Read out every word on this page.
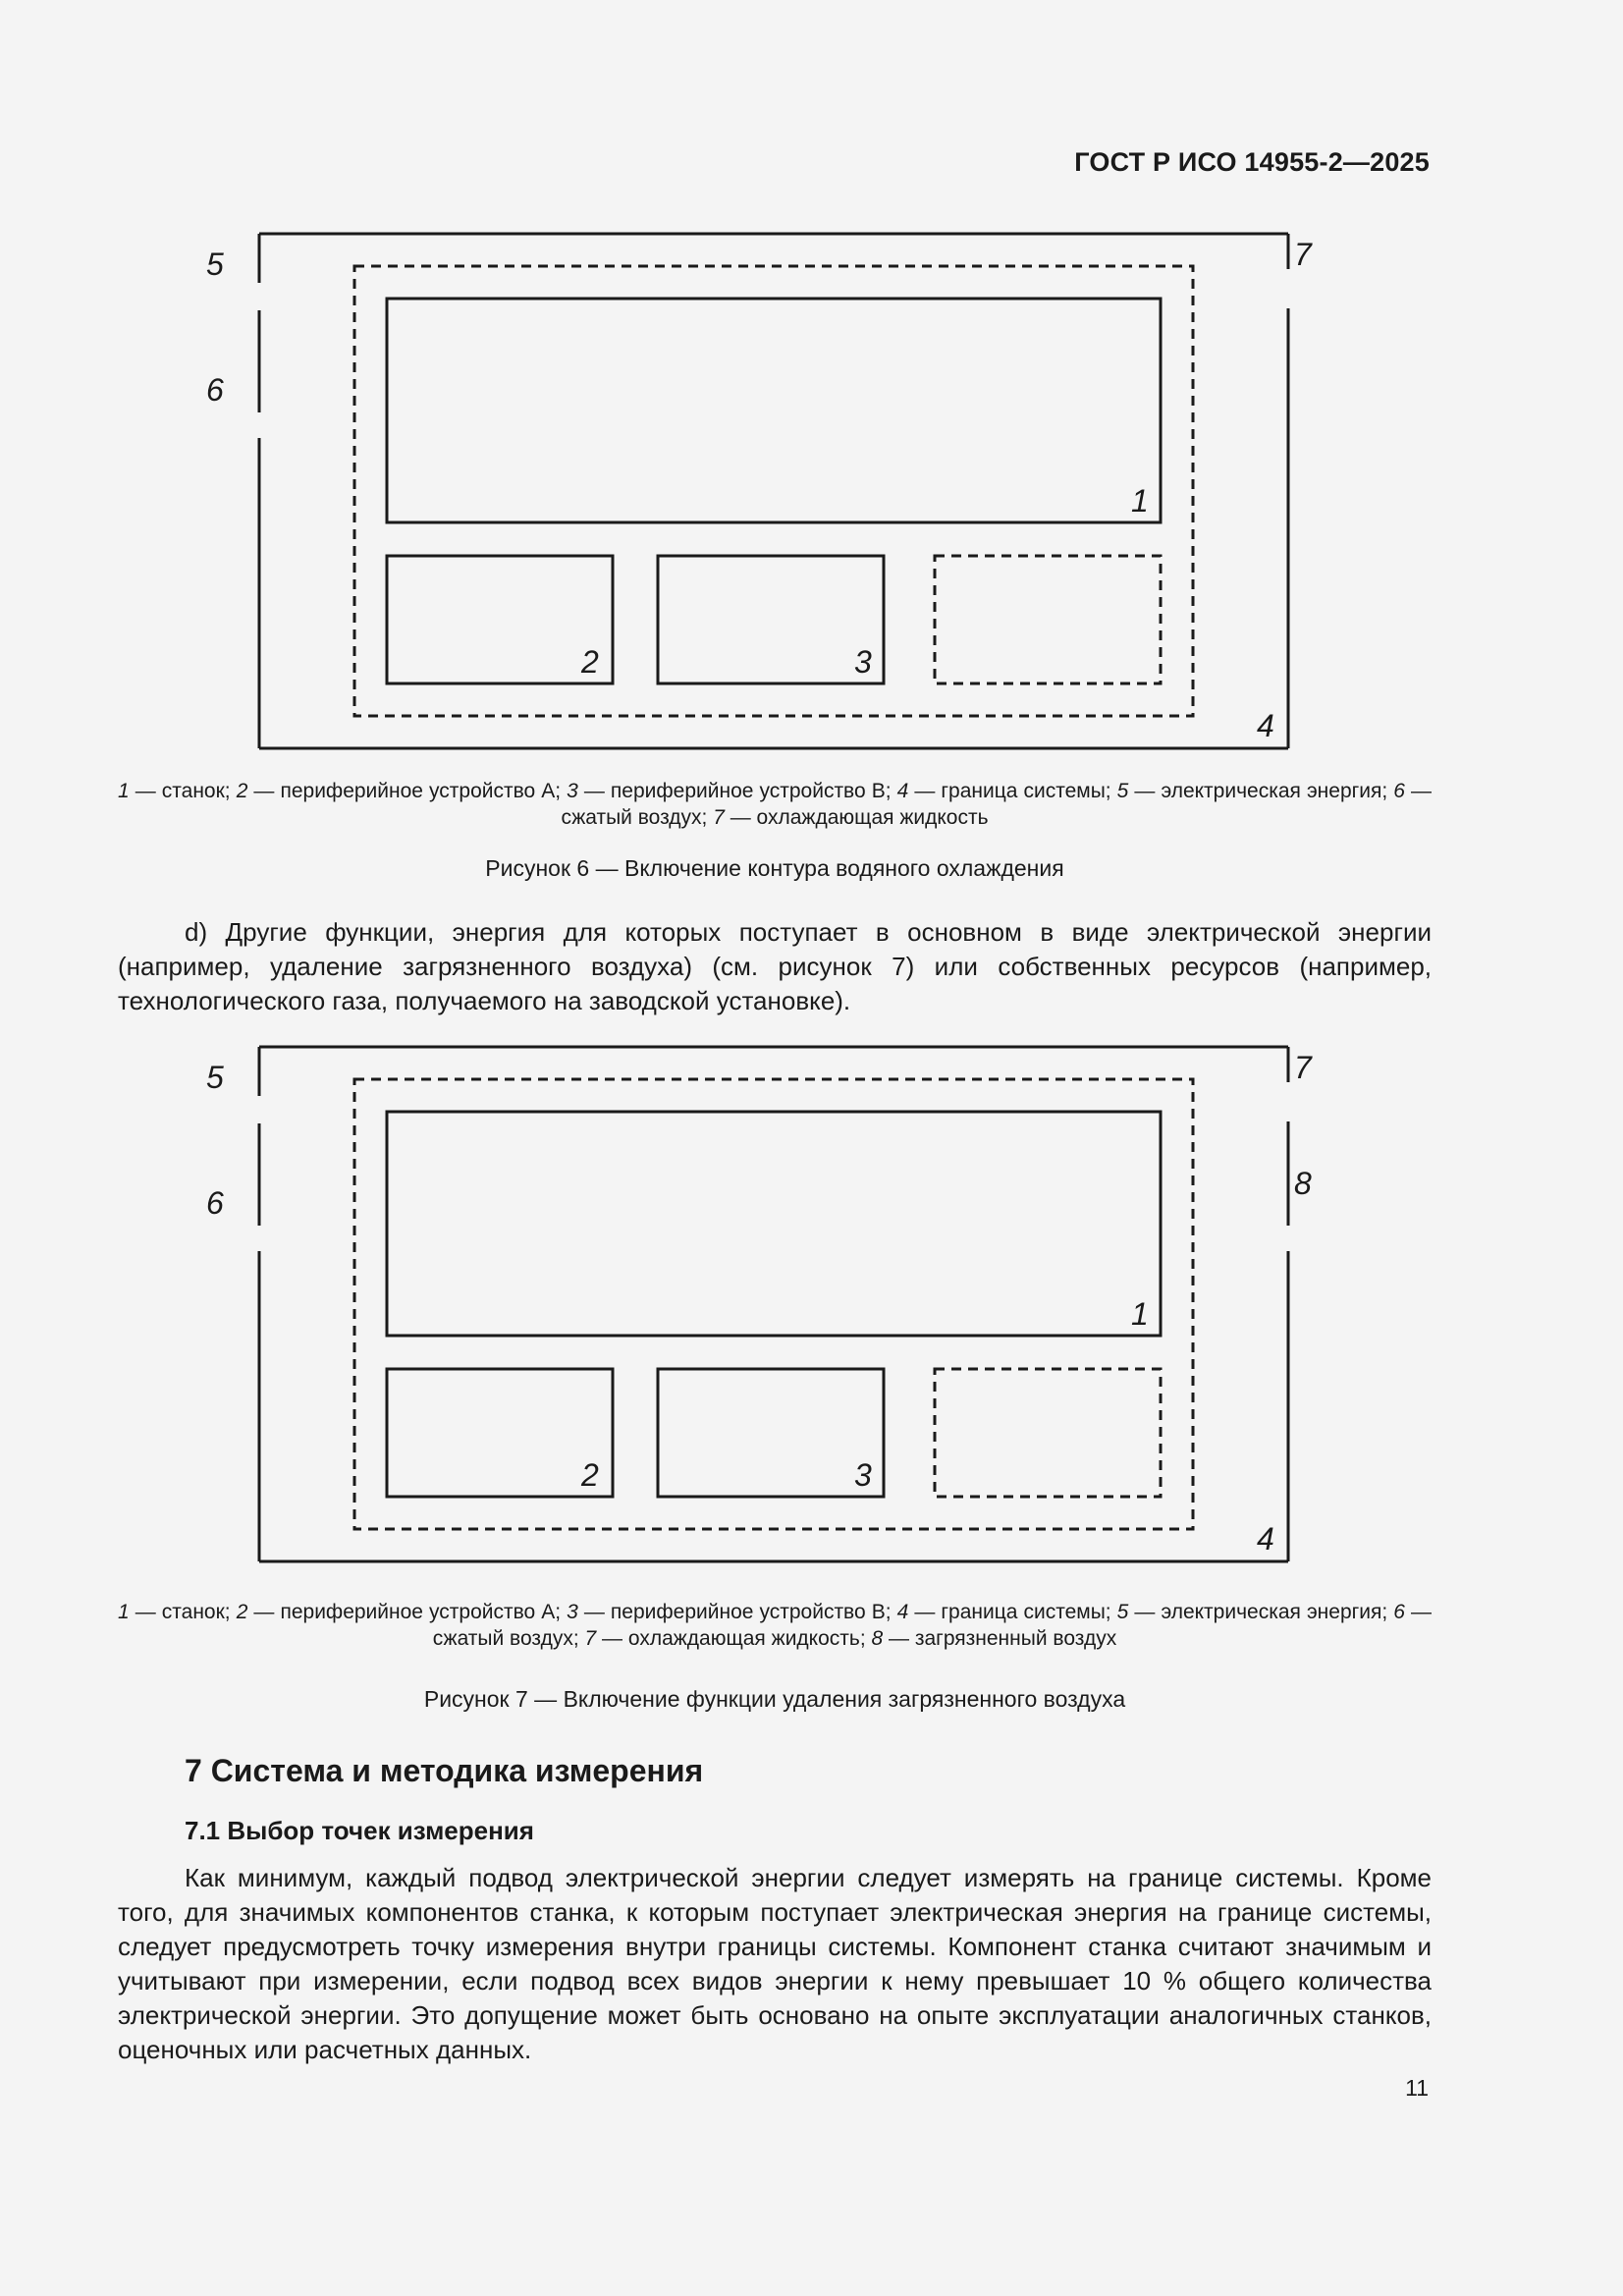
ГОСТ Р ИСО 14955-2—2025
1
2	3
4
5
6
7
1 — станок; 2 — периферийное устройство A; 3 — периферийное устройство B; 4 — граница системы; 5 — электрическая энергия; 6 — сжатый воздух; 7 — охлаждающая жидкость
Рисунок 6 — Включение контура водяного охлаждения

d) Другие функции, энергия для которых поступает в основном в виде электрической энергии (например, удаление загрязненного воздуха) (см. рисунок 7) или собственных ресурсов (например, технологического газа, получаемого на заводской установке).

1
2	3
4
5
6
7
8
1 — станок; 2 — периферийное устройство A; 3 — периферийное устройство B; 4 — граница системы; 5 — электрическая энергия; 6 — сжатый воздух; 7 — охлаждающая жидкость; 8 — загрязненный воздух
Рисунок 7 — Включение функции удаления загрязненного воздуха
7 Система и методика измерения
7.1 Выбор точек измерения

Как минимум, каждый подвод электрической энергии следует измерять на границе системы. Кроме того, для значимых компонентов станка, к которым поступает электрическая энергия на границе системы, следует предусмотреть точку измерения внутри границы системы. Компонент станка считают значимым и учитывают при измерении, если подвод всех видов энергии к нему превышает 10 % общего количества электрической энергии. Это допущение может быть основано на опыте эксплуатации аналогичных станков, оценочных или расчетных данных.

11
